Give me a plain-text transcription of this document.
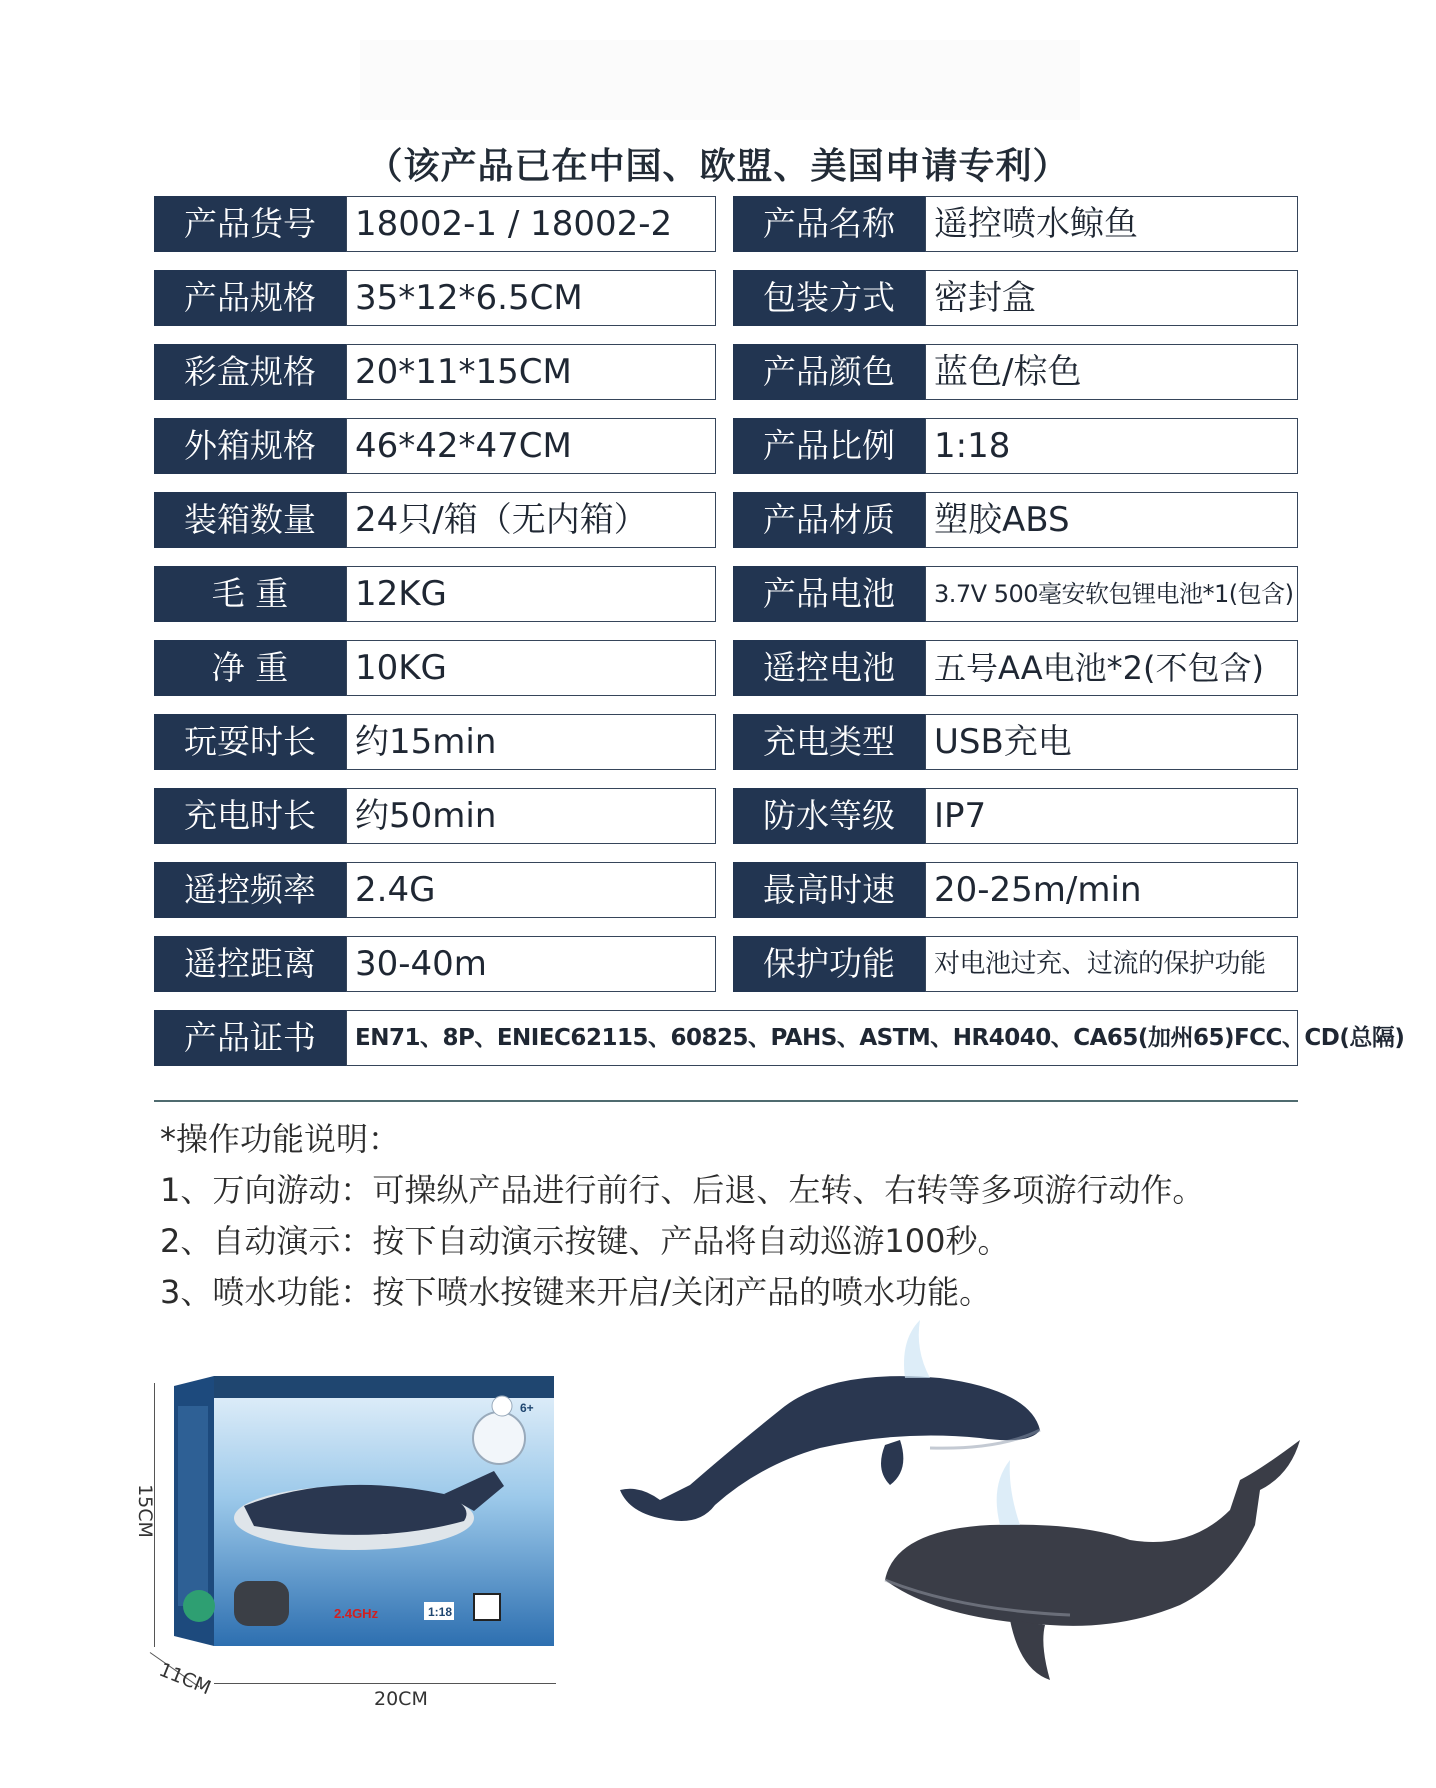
（该产品已在中国、欧盟、美国申请专利）
产品货号	18002-1 / 18002-2	产品名称	遥控喷水鲸鱼
产品规格	35*12*6.5CM	包装方式	密封盒
彩盒规格	20*11*15CM	产品颜色	蓝色/棕色
外箱规格	46*42*47CM	产品比例	1:18
装箱数量	24只/箱（无内箱）	产品材质	塑胶ABS
毛 重	12KG	产品电池	3.7V 500毫安软包锂电池*1(包含)
净 重	10KG	遥控电池	五号AA电池*2(不包含)
玩耍时长	约15min	充电类型	USB充电
充电时长	约50min	防水等级	IP7
遥控频率	2.4G	最高时速	20-25m/min
遥控距离	30-40m	保护功能	对电池过充、过流的保护功能
产品证书	EN71、8P、ENIEC62115、60825、PAHS、ASTM、HR4040、CA65(加州65)FCC、CD(总隔)
*操作功能说明：
1、万向游动：可操纵产品进行前行、后退、左转、右转等多项游行动作。
2、自动演示：按下自动演示按键、产品将自动巡游100秒。
3、喷水功能：按下喷水按键来开启/关闭产品的喷水功能。
15CM
11CM	20CM
2.4GHz	1:18
6+
